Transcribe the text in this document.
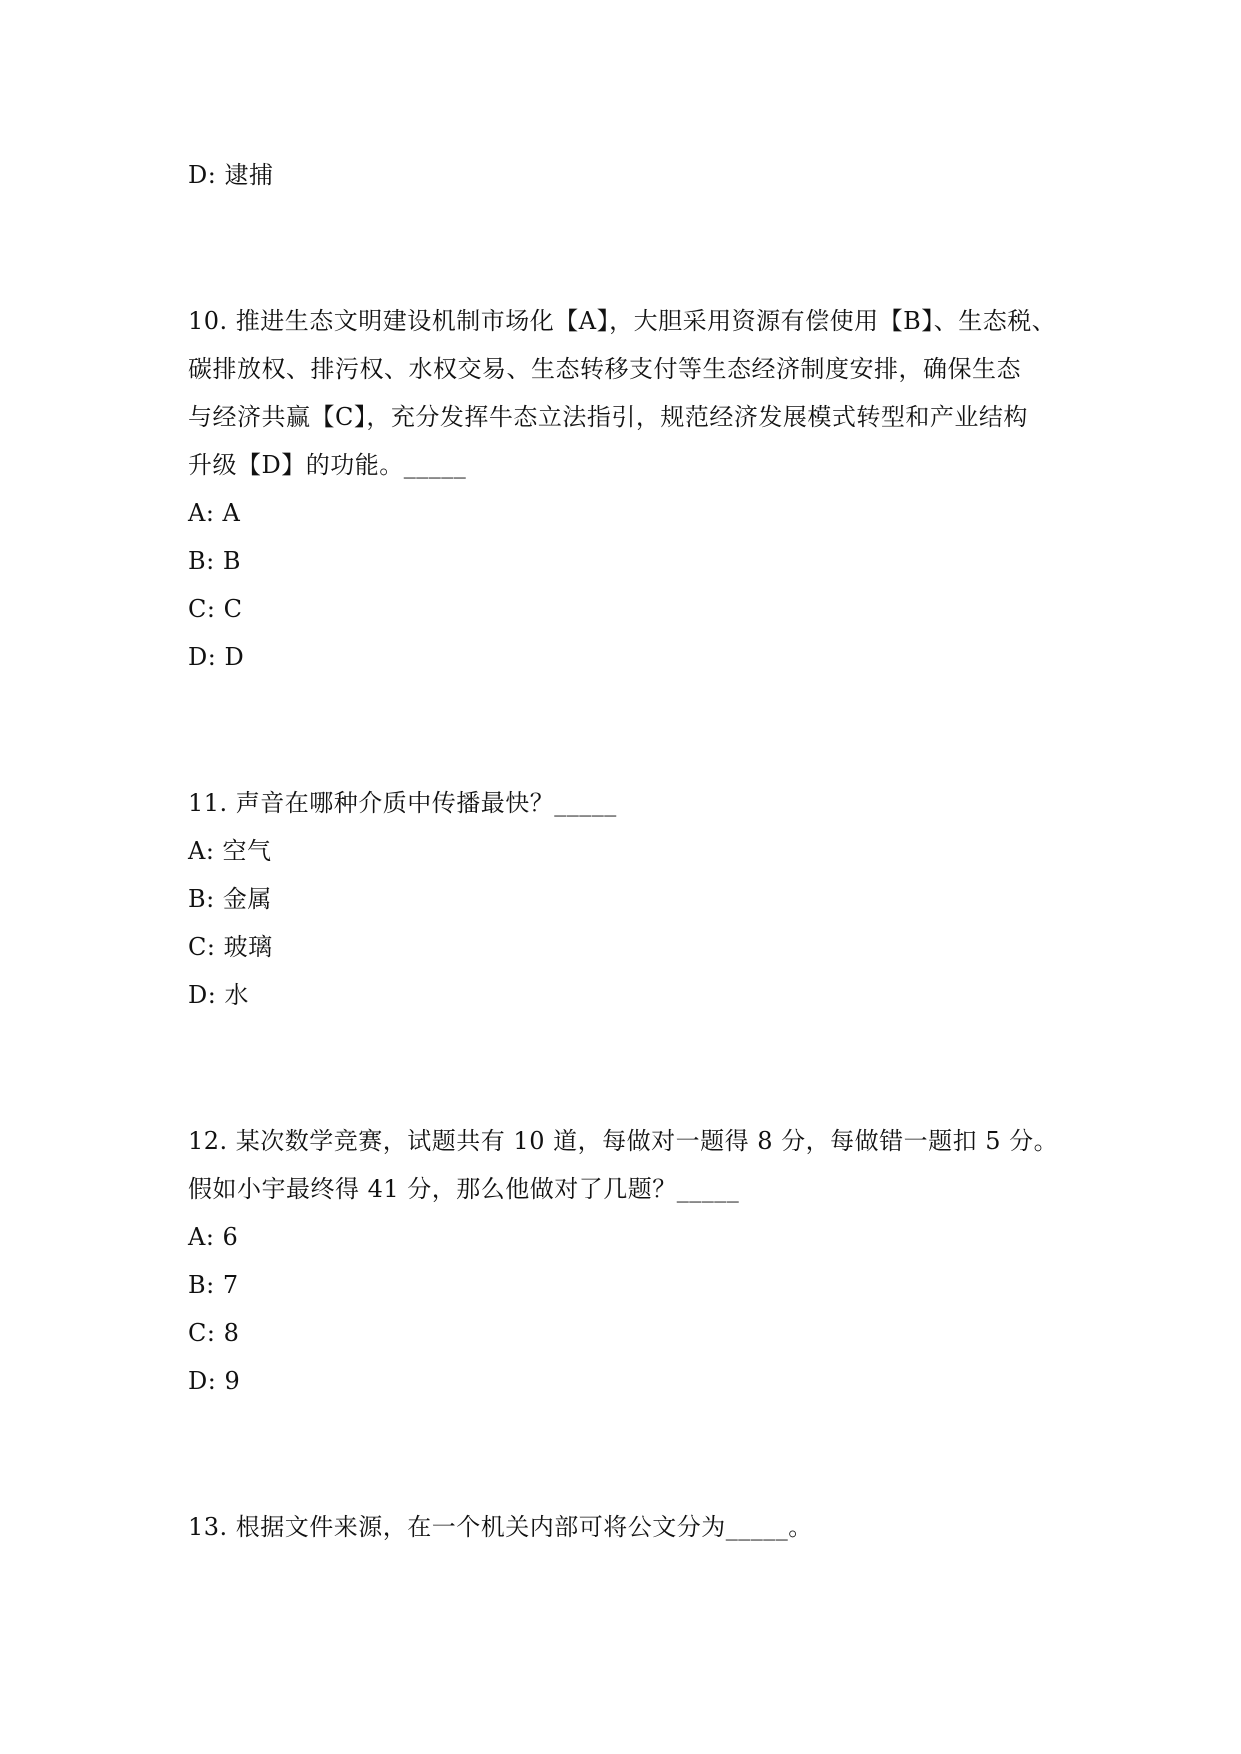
D: 逮捕
10. 推进生态文明建设机制市场化【A】，大胆采用资源有偿使用【B】、生态税、
碳排放权、排污权、水权交易、生态转移支付等生态经济制度安排，确保生态
与经济共赢【C】，充分发挥牛态立法指引，规范经济发展模式转型和产业结构
升级【D】的功能。_____
A: A
B: B
C: C
D: D
11. 声音在哪种介质中传播最快？_____
A: 空气
B: 金属
C: 玻璃
D: 水
12. 某次数学竞赛，试题共有 10 道，每做对一题得 8 分，每做错一题扣 5 分。
假如小宇最终得 41 分，那么他做对了几题？_____
A: 6
B: 7
C: 8
D: 9
13. 根据文件来源，在一个机关内部可将公文分为_____。
